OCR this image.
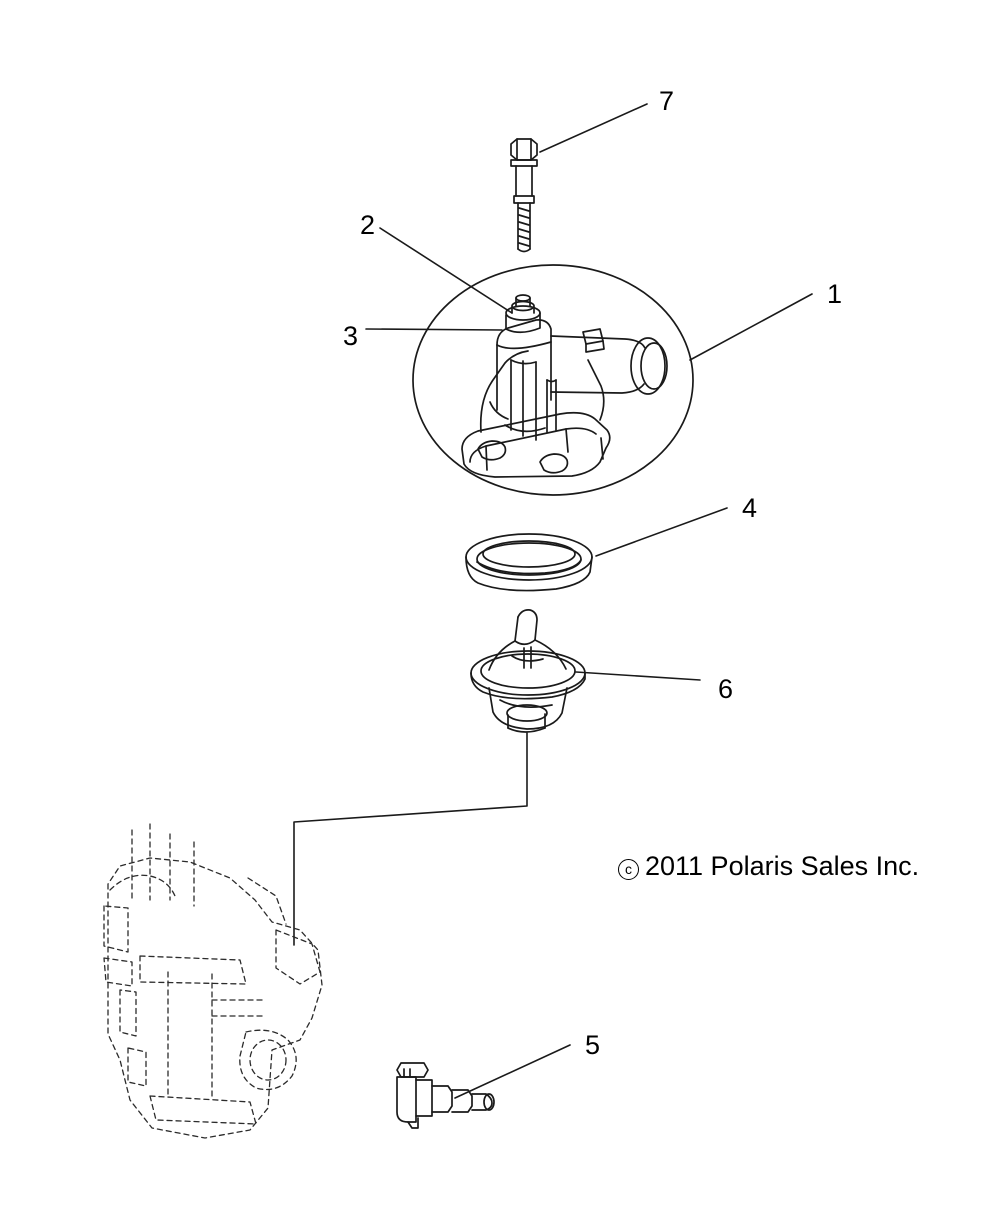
1
2
3
4
5
6
7
c 2011 Polaris Sales Inc.
